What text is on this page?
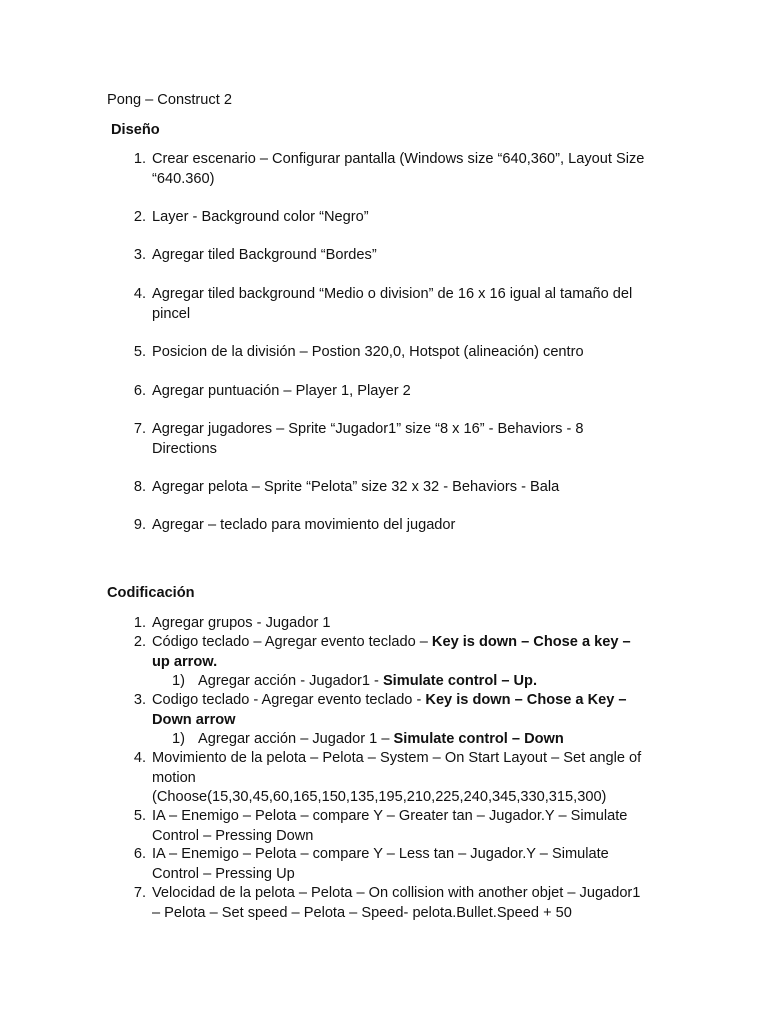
Pong – Construct 2
Diseño
1. Crear escenario – Configurar pantalla (Windows size “640,360”, Layout Size
“640.360)
2. Layer - Background color “Negro”
3. Agregar tiled Background “Bordes”
4. Agregar tiled background “Medio o division” de 16 x 16 igual al tamaño del
pincel
5. Posicion de la división – Postion 320,0, Hotspot (alineación) centro
6. Agregar puntuación – Player 1, Player 2
7. Agregar jugadores – Sprite “Jugador1” size “8 x 16” - Behaviors - 8
Directions
8. Agregar pelota – Sprite “Pelota” size 32 x 32 - Behaviors - Bala
9. Agregar – teclado para movimiento del jugador
Codificación
1. Agregar grupos - Jugador 1
2. Código teclado – Agregar evento teclado – Key is down – Chose a key –
up arrow.
1) Agregar acción - Jugador1 - Simulate control – Up.
3. Codigo teclado - Agregar evento teclado - Key is down – Chose a Key –
Down arrow
1) Agregar acción – Jugador 1 – Simulate control – Down
4. Movimiento de la pelota – Pelota – System – On Start Layout – Set angle of
motion
(Choose(15,30,45,60,165,150,135,195,210,225,240,345,330,315,300)
5. IA – Enemigo – Pelota – compare Y – Greater tan – Jugador.Y – Simulate
Control – Pressing Down
6. IA – Enemigo – Pelota – compare Y – Less tan – Jugador.Y – Simulate
Control – Pressing Up
7. Velocidad de la pelota – Pelota – On collision with another objet – Jugador1
– Pelota – Set speed – Pelota – Speed- pelota.Bullet.Speed + 50
